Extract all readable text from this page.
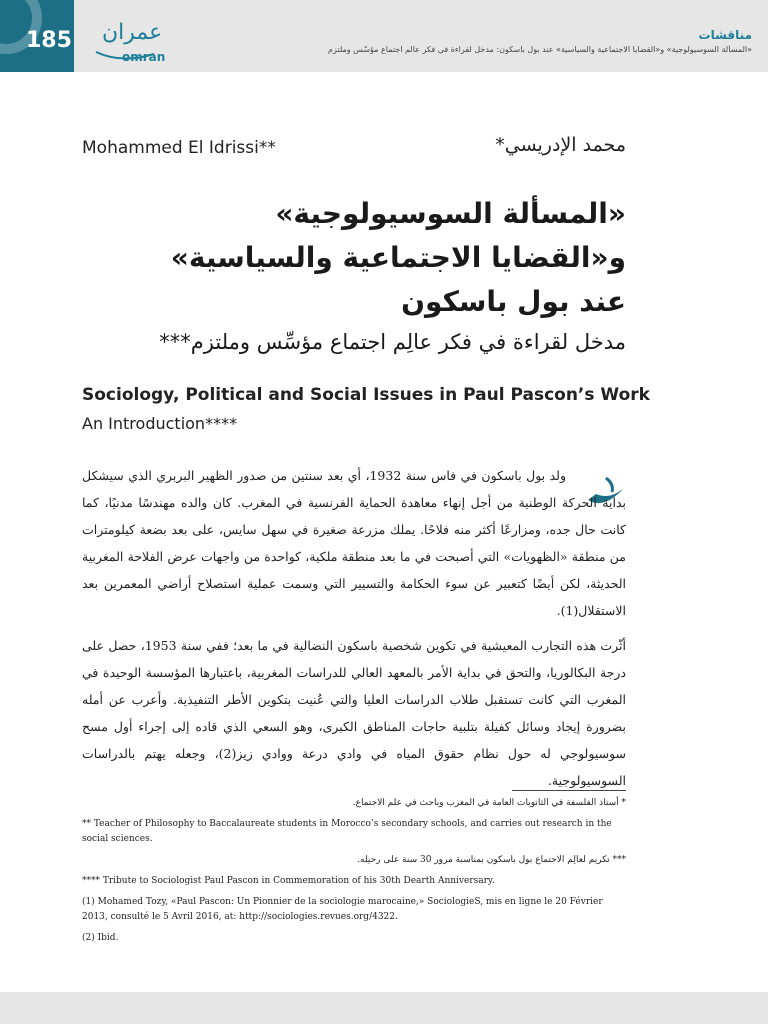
185 عمران
omran
مناقشات
«المسألة السوسيولوجية» و«القضايا الاجتماعية والسياسية» عند بول باسكون: مدخل لقراءة في فكر عالم اجتماع مؤسّس وملتزم
Mohammed El Idrissi**	محمد الإدريسي*
«المسألة السوسيولوجية»
و«القضايا الاجتماعية والسياسية»
عند بول باسكون
مدخل لقراءة في فكر عالِم اجتماع مؤسِّس وملتزم***
Sociology, Political and Social Issues in Paul Pascon’s Work
An Introduction****

ولد بول باسكون في فاس سنة 1932، أي بعد سنتين من صدور الظهير البربري الذي سيشكل بداية الحركة الوطنية من أجل إنهاء معاهدة الحماية الفرنسية في المغرب. كان والده مهندسًا مدنيًا، كما كانت حال جده، ومزارعًا أكثر منه فلاحًا. يملك مزرعة صغيرة في سهل سايس، على بعد بضعة كيلومترات من منطقة «الظهويات» التي أصبحت في ما بعد منطقة ملكية، كواحدة من واجهات عرض الفلاحة المغربية الحديثة، لكن أيضًا كتعبير عن سوء الحكامة والتسيير التي وسمت عملية استصلاح أراضي المعمرين بعد الاستقلال(1).

أثّرت هذه التجارب المعيشية في تكوين شخصية باسكون النضالية في ما بعد؛ ففي سنة 1953، حصل على درجة البكالوريا، والتحق في بداية الأمر بالمعهد العالي للدراسات المغربية، باعتبارها المؤسسة الوحيدة في المغرب التي كانت تستقبل طلاب الدراسات العليا والتي عُنيت بتكوين الأطر التنفيذية. وأعرب عن أمله بضرورة إيجاد وسائل كفيلة بتلبية حاجات المناطق الكبرى، وهو السعي الذي قاده إلى إجراء أول مسح سوسيولوجي له حول نظام حقوق المياه في وادي درعة ووادي زيز(2)، وجعله يهتم بالدراسات السوسيولوجية.

* أستاذ الفلسفة في الثانويات العامة في المغرب وباحث في علم الاجتماع.

** Teacher of Philosophy to Baccalaureate students in Morocco’s secondary schools, and carries out research in the social sciences.

*** تكريم لعالِم الاجتماع بول باسكون بمناسبة مرور 30 سنة على رحيله.

**** Tribute to Sociologist Paul Pascon in Commemoration of his 30th Dearth Anniversary.

(1) Mohamed Tozy, «Paul Pascon: Un Pionnier de la sociologie marocaine,» SociologieS, mis en ligne le 20 Février 2013, consulté le 5 Avril 2016, at: http://sociologies.revues.org/4322.

(2) Ibid.
